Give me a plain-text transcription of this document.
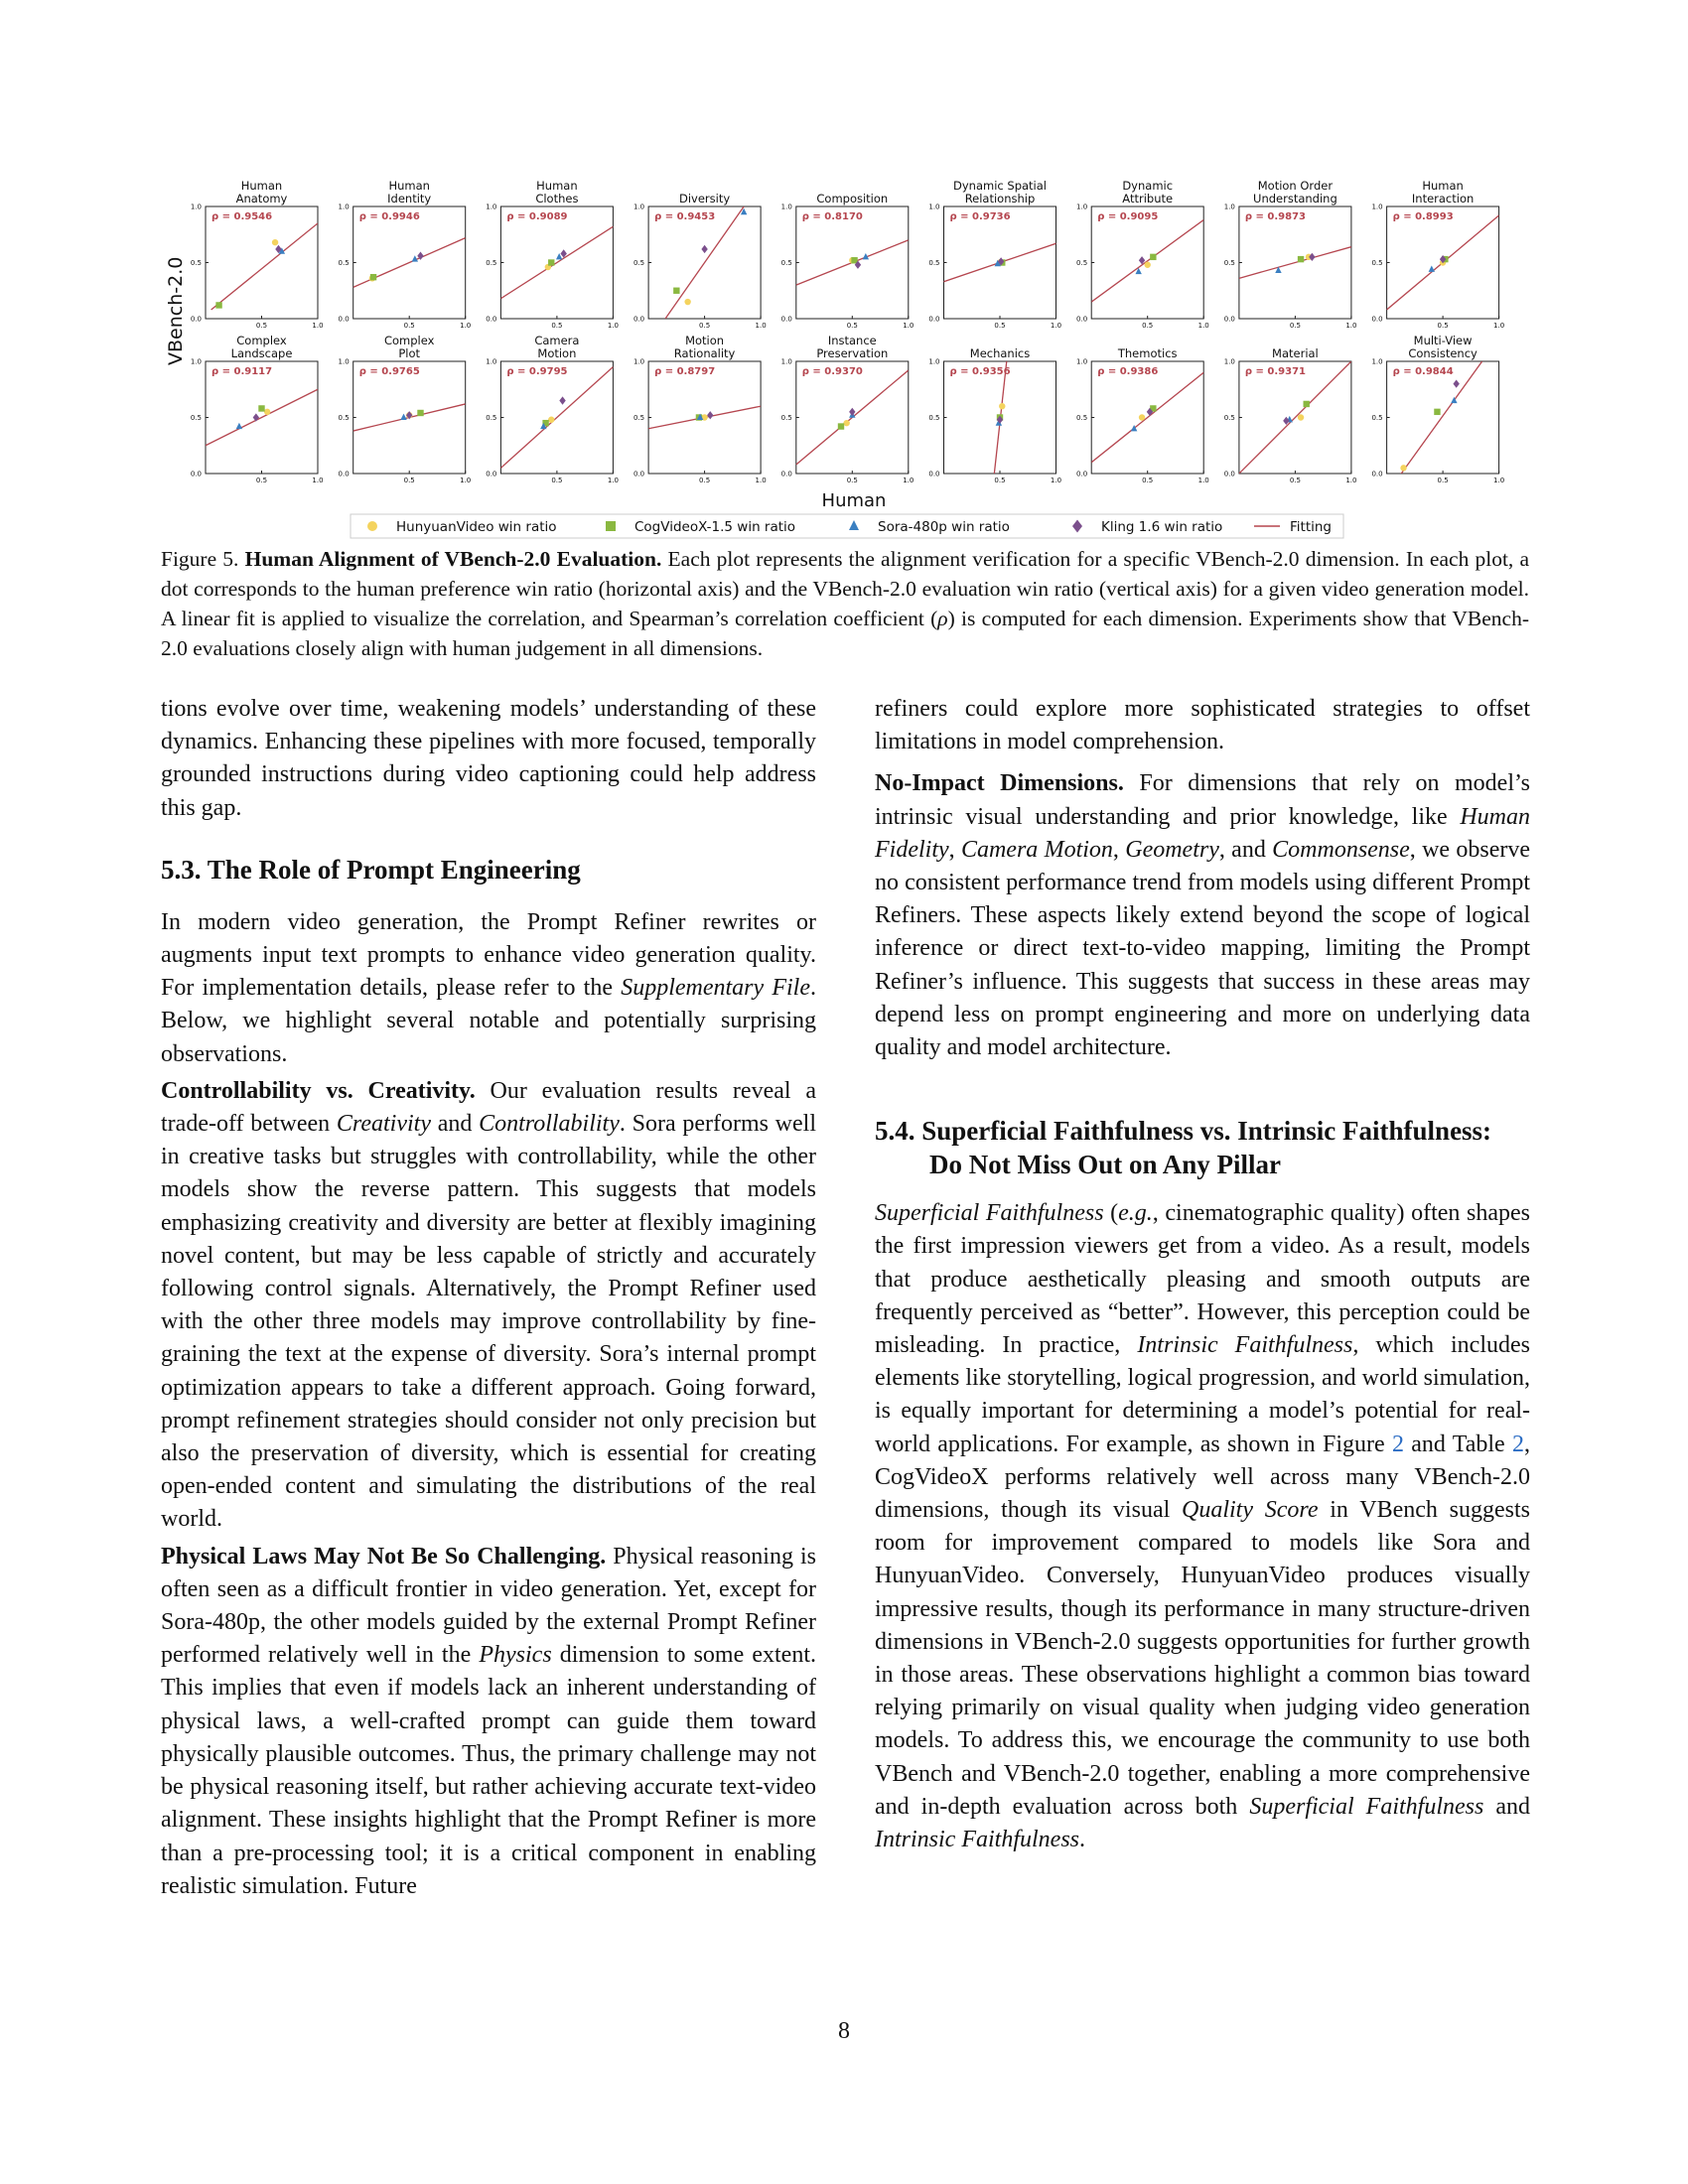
Human
Anatomy
1.0
0.5
0.0
0.5	1.0
ρ = 0.9546
Human
Identity
1.0
0.5
0.0
0.5	1.0
ρ = 0.9946
Human
Clothes
1.0
0.5
0.0
0.5	1.0
ρ = 0.9089
Diversity
1.0
0.5
0.0
0.5	1.0
ρ = 0.9453
Composition
1.0
0.5
0.0
0.5	1.0
ρ = 0.8170
Dynamic Spatial
Relationship
1.0
0.5
0.0
0.5	1.0
ρ = 0.9736
Dynamic
Attribute
1.0
0.5
0.0
0.5	1.0
ρ = 0.9095
Motion Order
Understanding
1.0
0.5
0.0
0.5	1.0
ρ = 0.9873
Human
Interaction
1.0
0.5
0.0
0.5	1.0
ρ = 0.8993
Complex
Landscape
1.0
0.5
0.0
0.5	1.0
ρ = 0.9117
Complex
Plot
1.0
0.5
0.0
0.5	1.0
ρ = 0.9765
Camera
Motion
1.0
0.5
0.0
0.5	1.0
ρ = 0.9795
Motion
Rationality
1.0
0.5
0.0
0.5	1.0
ρ = 0.8797
Instance
Preservation
1.0
0.5
0.0
0.5	1.0
ρ = 0.9370
Mechanics
1.0
0.5
0.0
0.5	1.0
ρ = 0.9356
Themotics
1.0
0.5
0.0
0.5	1.0
ρ = 0.9386
Material
1.0
0.5
0.0
0.5	1.0
ρ = 0.9371
Multi-View
Consistency
1.0
0.5
0.0
0.5	1.0
ρ = 0.9844
Human
HunyuanVideo win ratio	CogVideoX-1.5 win ratio	Sora-480p win ratio	Kling 1.6 win ratio	Fitting
VBench-2.0
Figure 5. Human Alignment of VBench-2.0 Evaluation. Each plot represents the alignment verification for a specific VBench-2.0 dimension. In each plot, a dot corresponds to the human preference win ratio (horizontal axis) and the VBench-2.0 evaluation win ratio (vertical axis) for a given video generation model. A linear fit is applied to visualize the correlation, and Spearman’s correlation coefficient (ρ) is computed for each dimension. Experiments show that VBench-2.0 evaluations closely align with human judgement in all dimensions.

tions evolve over time, weakening models’ understanding of these dynamics. Enhancing these pipelines with more focused, temporally grounded instructions during video captioning could help address this gap.

5.3. The Role of Prompt Engineering

In modern video generation, the Prompt Refiner rewrites or augments input text prompts to enhance video generation quality. For implementation details, please refer to the Supplementary File. Below, we highlight several notable and potentially surprising observations.

Controllability vs. Creativity. Our evaluation results reveal a trade-off between Creativity and Controllability. Sora performs well in creative tasks but struggles with controllability, while the other models show the reverse pattern. This suggests that models emphasizing creativity and diversity are better at flexibly imagining novel content, but may be less capable of strictly and accurately following control signals. Alternatively, the Prompt Refiner used with the other three models may improve controllability by fine-graining the text at the expense of diversity. Sora’s internal prompt optimization appears to take a different approach. Going forward, prompt refinement strategies should consider not only precision but also the preservation of diversity, which is essential for creating open-ended content and simulating the distributions of the real world.

Physical Laws May Not Be So Challenging. Physical reasoning is often seen as a difficult frontier in video generation. Yet, except for Sora-480p, the other models guided by the external Prompt Refiner performed relatively well in the Physics dimension to some extent. This implies that even if models lack an inherent understanding of physical laws, a well-crafted prompt can guide them toward physically plausible outcomes. Thus, the primary challenge may not be physical reasoning itself, but rather achieving accurate text-video alignment. These insights highlight that the Prompt Refiner is more than a pre-processing tool; it is a critical component in enabling realistic simulation. Future

refiners could explore more sophisticated strategies to offset limitations in model comprehension.

No-Impact Dimensions. For dimensions that rely on model’s intrinsic visual understanding and prior knowledge, like Human Fidelity, Camera Motion, Geometry, and Commonsense, we observe no consistent performance trend from models using different Prompt Refiners. These aspects likely extend beyond the scope of logical inference or direct text-to-video mapping, limiting the Prompt Refiner’s influence. This suggests that success in these areas may depend less on prompt engineering and more on underlying data quality and model architecture.

5.4. Superficial Faithfulness vs. Intrinsic Faithfulness: Do Not Miss Out on Any Pillar

Superficial Faithfulness (e.g., cinematographic quality) often shapes the first impression viewers get from a video. As a result, models that produce aesthetically pleasing and smooth outputs are frequently perceived as “better”. However, this perception could be misleading. In practice, Intrinsic Faithfulness, which includes elements like storytelling, logical progression, and world simulation, is equally important for determining a model’s potential for real-world applications. For example, as shown in Figure 2 and Table 2, CogVideoX performs relatively well across many VBench-2.0 dimensions, though its visual Quality Score in VBench suggests room for improvement compared to models like Sora and HunyuanVideo. Conversely, HunyuanVideo produces visually impressive results, though its performance in many structure-driven dimensions in VBench-2.0 suggests opportunities for further growth in those areas. These observations highlight a common bias toward relying primarily on visual quality when judging video generation models. To address this, we encourage the community to use both VBench and VBench-2.0 together, enabling a more comprehensive and in-depth evaluation across both Superficial Faithfulness and Intrinsic Faithfulness.

8
